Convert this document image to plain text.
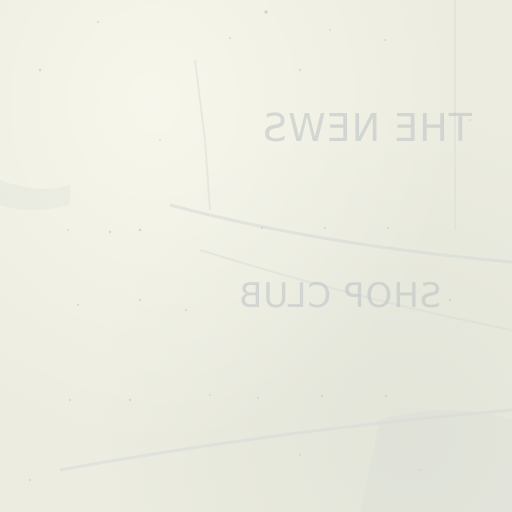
THE NEWS
SHOP CLUB
